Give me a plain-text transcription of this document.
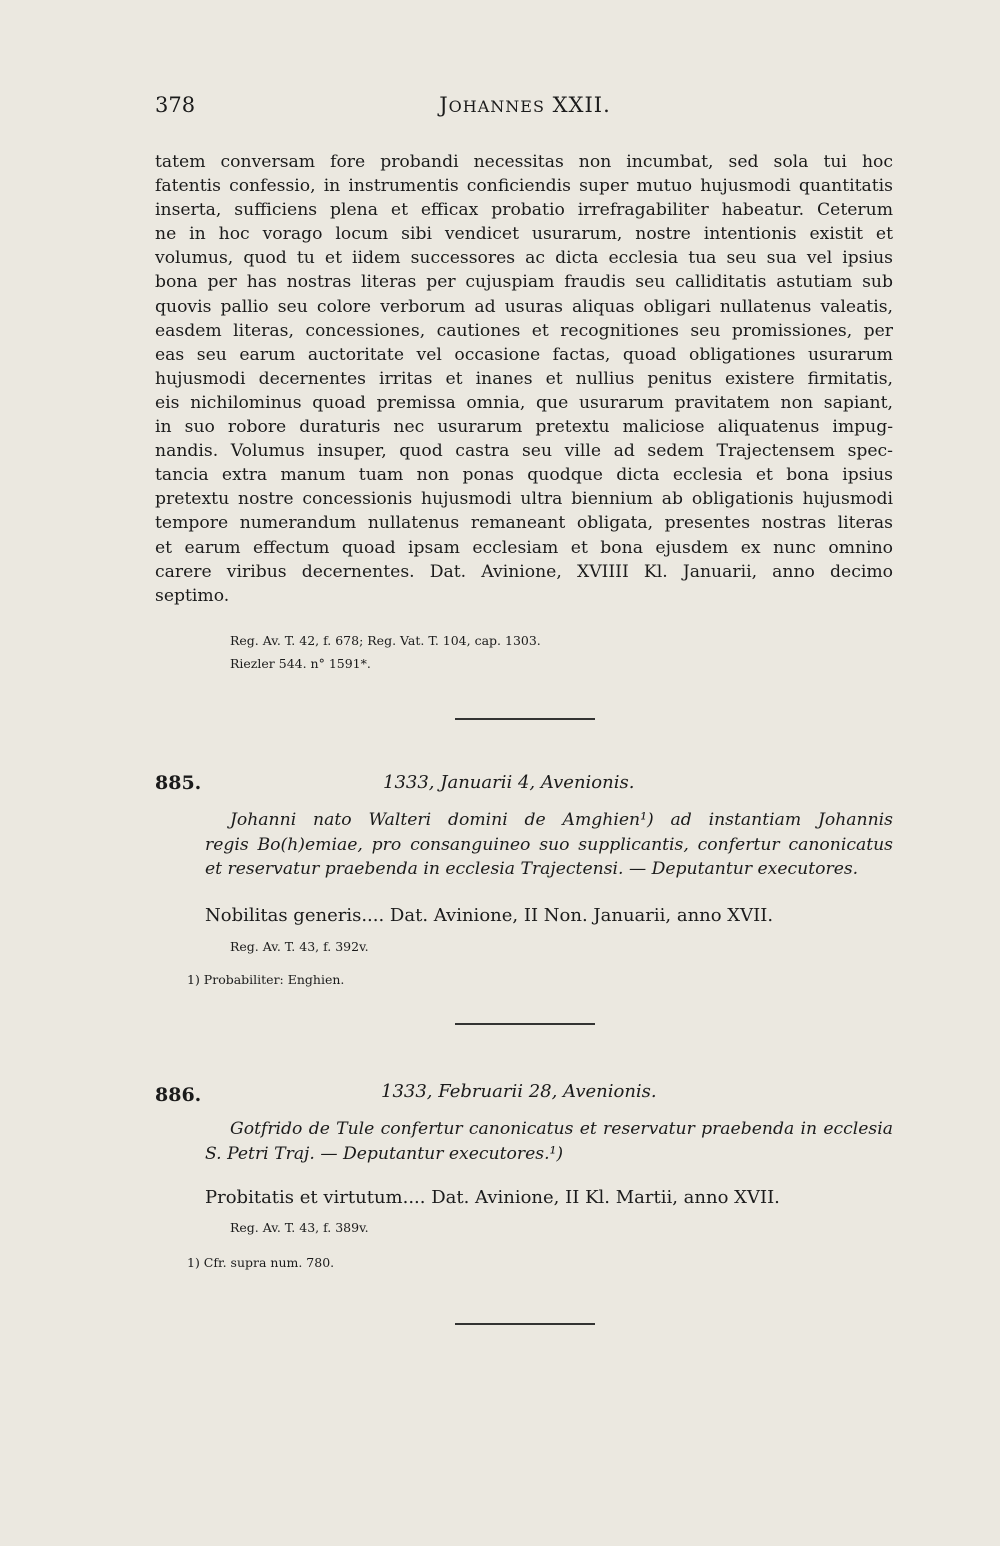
378	JOHANNES XXII.
tatem conversam fore probandi necessitas non incumbat, sed sola tui hoc
fatentis confessio, in instrumentis conficiendis super mutuo hujusmodi quantitatis
inserta, sufficiens plena et efficax probatio irrefragabiliter habeatur. Ceterum
ne in hoc vorago locum sibi vendicet usurarum, nostre intentionis existit et
volumus, quod tu et iidem successores ac dicta ecclesia tua seu sua vel ipsius
bona per has nostras literas per cujuspiam fraudis seu calliditatis astutiam sub
quovis pallio seu colore verborum ad usuras aliquas obligari nullatenus valeatis,
easdem literas, concessiones, cautiones et recognitiones seu promissiones, per
eas seu earum auctoritate vel occasione factas, quoad obligationes usurarum
hujusmodi decernentes irritas et inanes et nullius penitus existere firmitatis,
eis nichilominus quoad premissa omnia, que usurarum pravitatem non sapiant,
in suo robore duraturis nec usurarum pretextu maliciose aliquatenus impug-
nandis. Volumus insuper, quod castra seu ville ad sedem Trajectensem spec-
tancia extra manum tuam non ponas quodque dicta ecclesia et bona ipsius
pretextu nostre concessionis hujusmodi ultra biennium ab obligationis hujusmodi
tempore numerandum nullatenus remaneant obligata, presentes nostras literas
et earum effectum quoad ipsam ecclesiam et bona ejusdem ex nunc omnino
carere viribus decernentes. Dat. Avinione, XVIIII Kl. Januarii, anno decimo
septimo.
Reg. Av. T. 42, f. 678; Reg. Vat. T. 104, cap. 1303.
Riezler 544. n° 1591*.
885.	1333, Januarii 4, Avenionis.
Johanni nato Walteri domini de Amghien¹) ad instantiam Johannis
regis Bo(h)emiae, pro consanguineo suo supplicantis, confertur canonicatus
et reservatur praebenda in ecclesia Trajectensi. — Deputantur executores.
Nobilitas generis.... Dat. Avinione, II Non. Januarii, anno XVII.
Reg. Av. T. 43, f. 392v.
1) Probabiliter: Enghien.
886.	1333, Februarii 28, Avenionis.
Gotfrido de Tule confertur canonicatus et reservatur praebenda in ecclesia
S. Petri Traj. — Deputantur executores.¹)
Probitatis et virtutum.... Dat. Avinione, II Kl. Martii, anno XVII.
Reg. Av. T. 43, f. 389v.
1) Cfr. supra num. 780.
